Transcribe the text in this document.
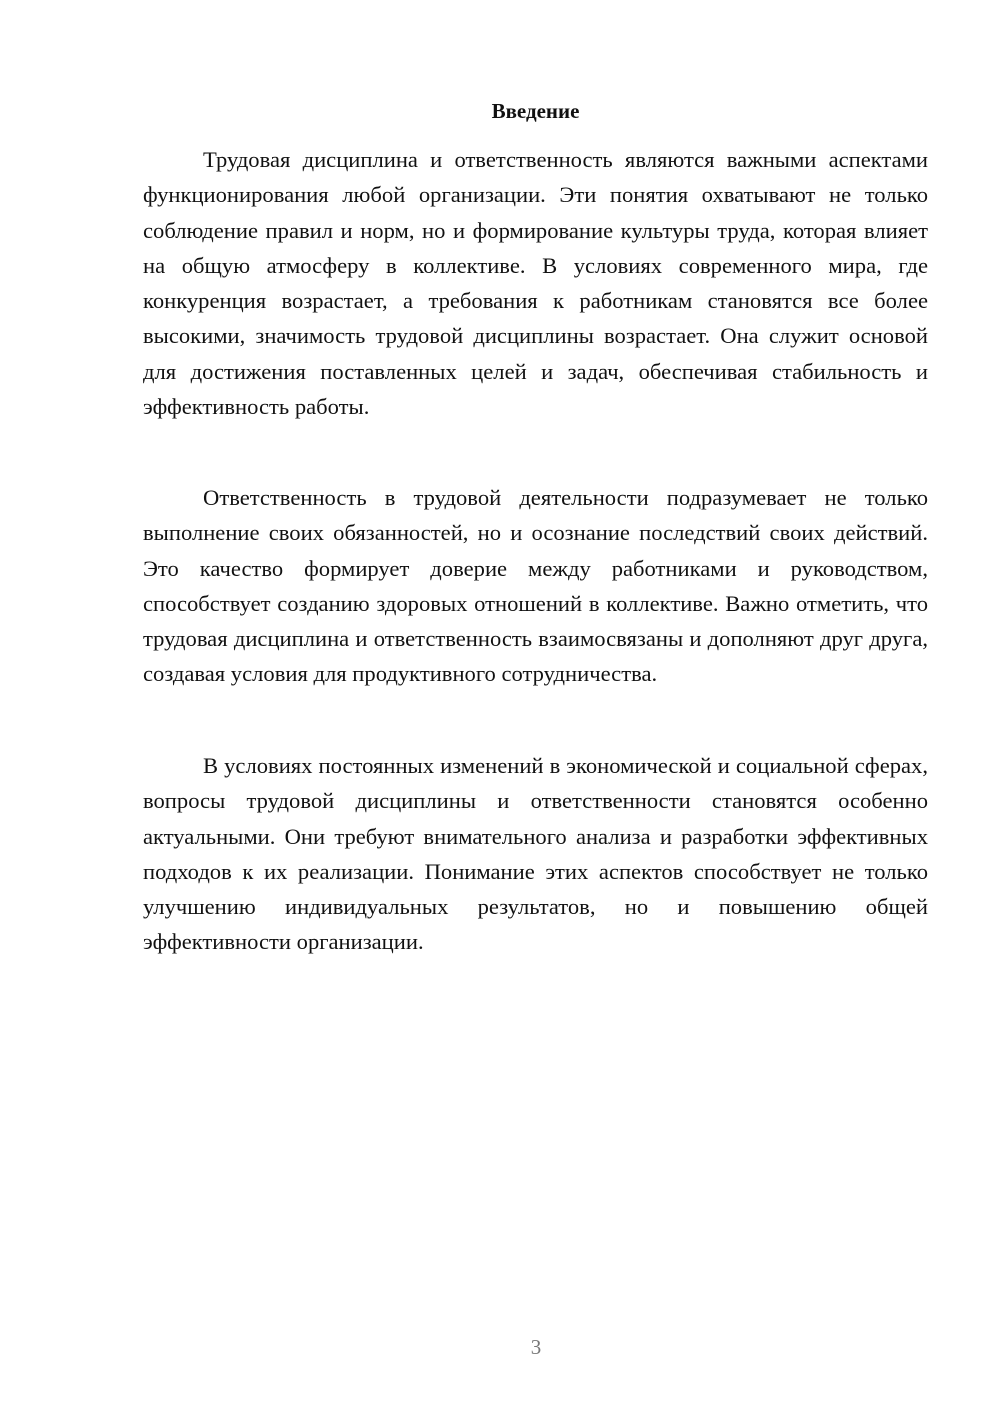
Введение

Трудовая дисциплина и ответственность являются важными аспектами функционирования любой организации. Эти понятия охватывают не только соблюдение правил и норм, но и формирование культуры труда, которая влияет на общую атмосферу в коллективе. В условиях современного мира, где конкуренция возрастает, а требования к работникам становятся все более высокими, значимость трудовой дисциплины возрастает. Она служит основой для достижения поставленных целей и задач, обеспечивая стабильность и эффективность работы.

Ответственность в трудовой деятельности подразумевает не только выполнение своих обязанностей, но и осознание последствий своих действий. Это качество формирует доверие между работниками и руководством, способствует созданию здоровых отношений в коллективе. Важно отметить, что трудовая дисциплина и ответственность взаимосвязаны и дополняют друг друга, создавая условия для продуктивного сотрудничества.

В условиях постоянных изменений в экономической и социальной сферах, вопросы трудовой дисциплины и ответственности становятся особенно актуальными. Они требуют внимательного анализа и разработки эффективных подходов к их реализации. Понимание этих аспектов способствует не только улучшению индивидуальных результатов, но и повышению общей эффективности организации.

3
